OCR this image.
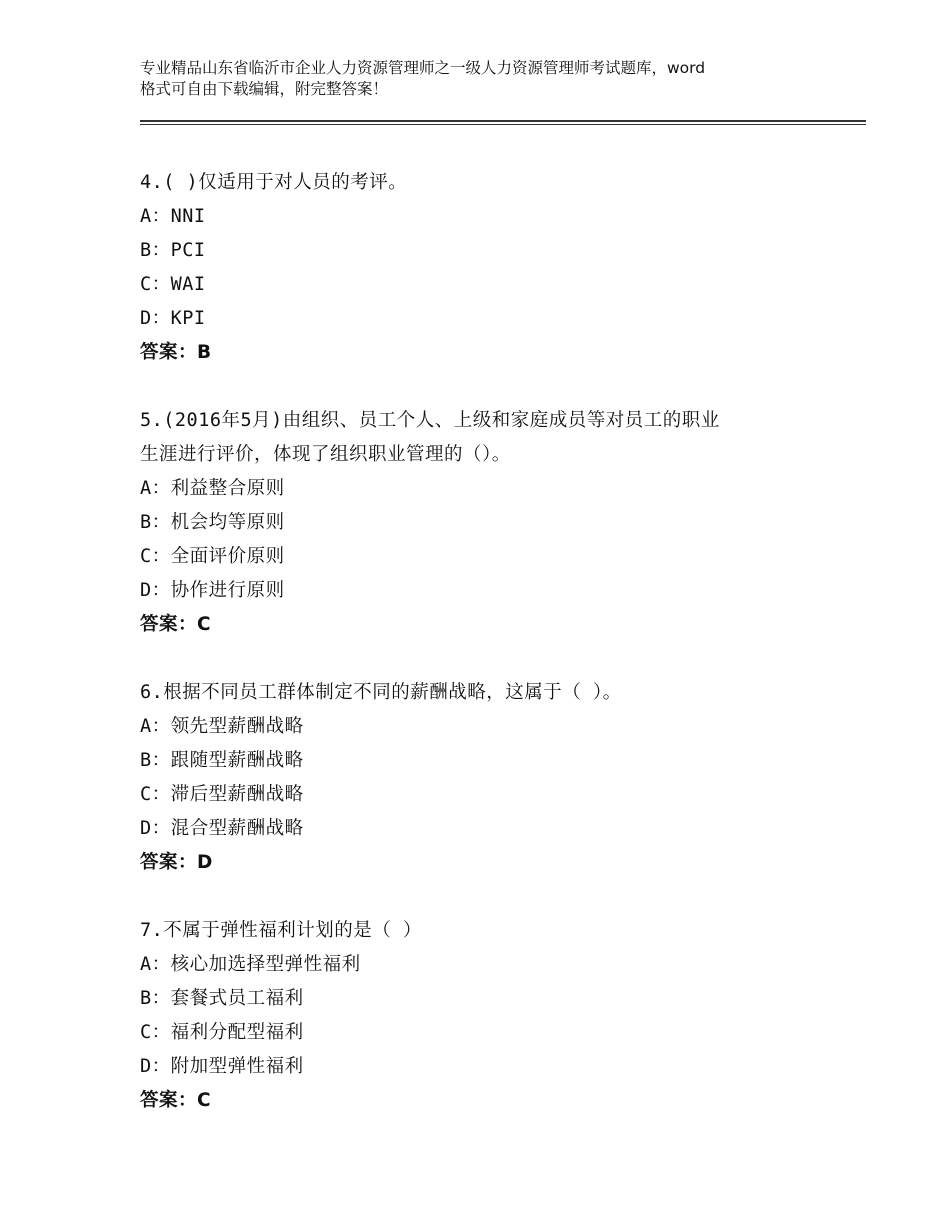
专业精品山东省临沂市企业人力资源管理师之一级人力资源管理师考试题库，word
格式可自由下载编辑，附完整答案！
4.( )仅适用于对人员的考评。
A：NNI
B：PCI
C：WAI
D：KPI
答案：B
5.(2016年5月)由组织、员工个人、上级和家庭成员等对员工的职业
生涯进行评价，体现了组织职业管理的（）。
A：利益整合原则
B：机会均等原则
C：全面评价原则
D：协作进行原则
答案：C
6.根据不同员工群体制定不同的薪酬战略，这属于（ ）。
A：领先型薪酬战略
B：跟随型薪酬战略
C：滞后型薪酬战略
D：混合型薪酬战略
答案：D
7.不属于弹性福利计划的是（ ）
A：核心加选择型弹性福利
B：套餐式员工福利
C：福利分配型福利
D：附加型弹性福利
答案：C
